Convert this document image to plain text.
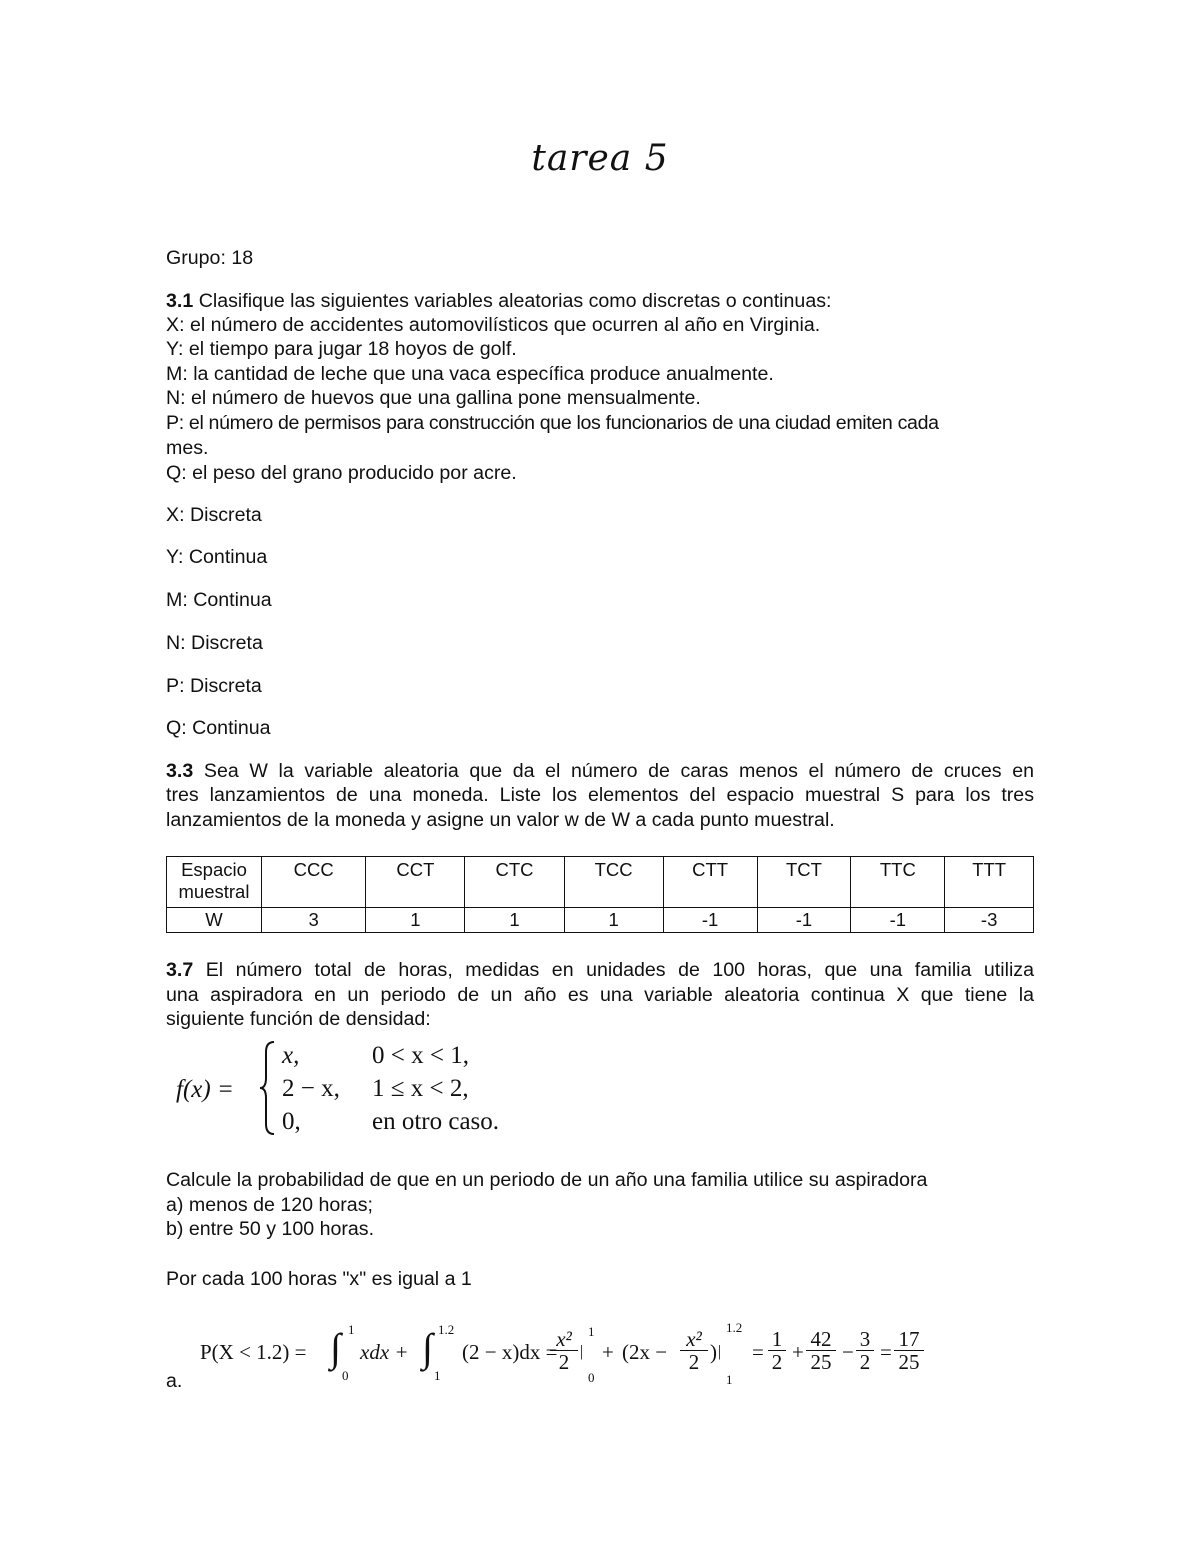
tarea 5
Grupo: 18
3.1 Clasifique las siguientes variables aleatorias como discretas o continuas:
X: el número de accidentes automovilísticos que ocurren al año en Virginia.
Y: el tiempo para jugar 18 hoyos de golf.
M: la cantidad de leche que una vaca específica produce anualmente.
N: el número de huevos que una gallina pone mensualmente.
P: el número de permisos para construcción que los funcionarios de una ciudad emiten cada
mes.
Q: el peso del grano producido por acre.
X: Discreta
Y: Continua
M: Continua
N: Discreta
P: Discreta
Q: Continua
3.3 Sea W la variable aleatoria que da el número de caras menos el número de cruces en
tres lanzamientos de una moneda. Liste los elementos del espacio muestral S para los tres
lanzamientos de la moneda y asigne un valor w de W a cada punto muestral.
Espacio
muestral	CCC	CCT	CTC	TCC	CTT	TCT	TTC	TTT
W	3	1	1	1	-1	-1	-1	-3
3.7 El número total de horas, medidas en unidades de 100 horas, que una familia utiliza
una aspiradora en un periodo de un año es una variable aleatoria continua X que tiene la
siguiente función de densidad:
f(x) =
x,	0 < x < 1,
2 − x, 1 ≤ x < 2,
0,	en otro caso.
Calcule la probabilidad de que en un periodo de un año una familia utilice su aspiradora
a) menos de 120 horas;
b) entre 50 y 100 horas.
Por cada 100 horas "x" es igual a 1
P(X < 1.2) = ∫ 1
0
xdx + ∫ 1.2
1
(2 − x)dx =
$\frac{\text{x²}}{2}$ |
1
0
+ ($2x - \frac{\text{x²}}{2}$ ) |
1.2
1
= $\frac{1}{2} + \frac{42}{25} - \frac{3}{2} = \frac{17}{25}$
a.
